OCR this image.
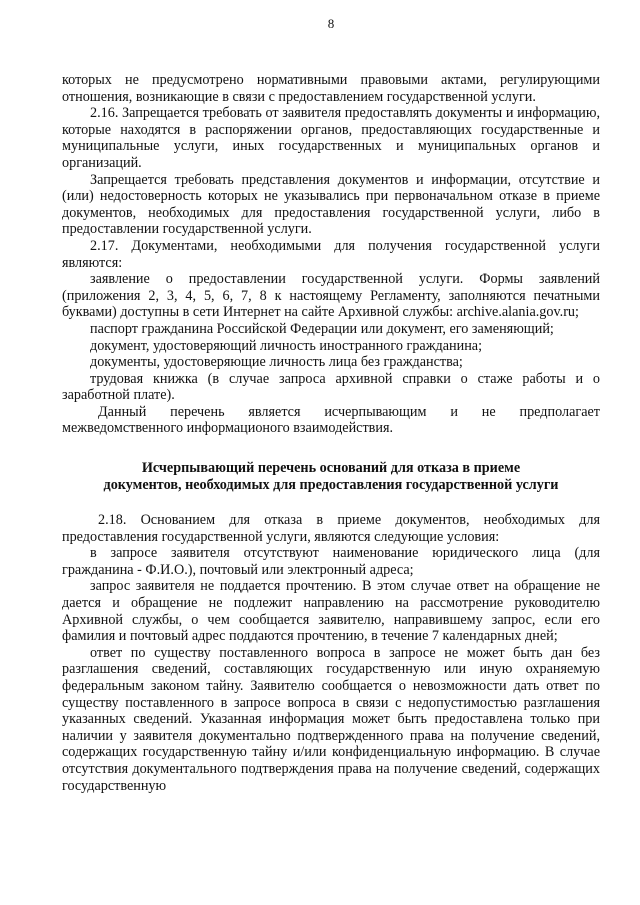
8

которых не предусмотрено нормативными правовыми актами, регулирующими отношения, возникающие в связи с предоставлением государственной услуги.

2.16. Запрещается требовать от заявителя предоставлять документы и информацию, которые находятся в распоряжении органов, предоставляющих государственные и муниципальные услуги, иных государственных и муниципальных органов и организаций.

Запрещается требовать представления документов и информации, отсутствие и (или) недостоверность которых не указывались при первоначальном отказе в приеме документов, необходимых для предоставления государственной услуги, либо в предоставлении государственной услуги.

2.17. Документами, необходимыми для получения государственной услуги являются:

заявление о предоставлении государственной услуги. Формы заявлений (приложения 2, 3, 4, 5, 6, 7, 8 к настоящему Регламенту, заполняются печатными буквами) доступны в сети Интернет на сайте Архивной службы: archive.alania.gov.ru;

паспорт гражданина Российской Федерации или документ, его заменяющий;

документ, удостоверяющий личность иностранного гражданина;

документы, удостоверяющие личность лица без гражданства;

трудовая книжка (в случае запроса архивной справки о стаже работы и о заработной плате).

Данный перечень является исчерпывающим и не предполагает межведомственного информационого взаимодействия.

Исчерпывающий перечень оснований для отказа в приеме
документов, необходимых для предоставления государственной услуги

2.18. Основанием для отказа в приеме документов, необходимых для предоставления государственной услуги, являются следующие условия:

в запросе заявителя отсутствуют наименование юридического лица (для гражданина - Ф.И.О.), почтовый или электронный адреса;

запрос заявителя не поддается прочтению. В этом случае ответ на обращение не дается и обращение не подлежит направлению на рассмотрение руководителю Архивной службы, о чем сообщается заявителю, направившему запрос, если его фамилия и почтовый адрес поддаются прочтению, в течение 7 календарных дней;

ответ по существу поставленного вопроса в запросе не может быть дан без разглашения сведений, составляющих государственную или иную охраняемую федеральным законом тайну. Заявителю сообщается о невозможности дать ответ по существу поставленного в запросе вопроса в связи с недопустимостью разглашения указанных сведений. Указанная информация может быть предоставлена только при наличии у заявителя документально подтвержденного права на получение сведений, содержащих государственную тайну и/или конфиденциальную информацию. В случае отсутствия документального подтверждения права на получение сведений, содержащих государственную
